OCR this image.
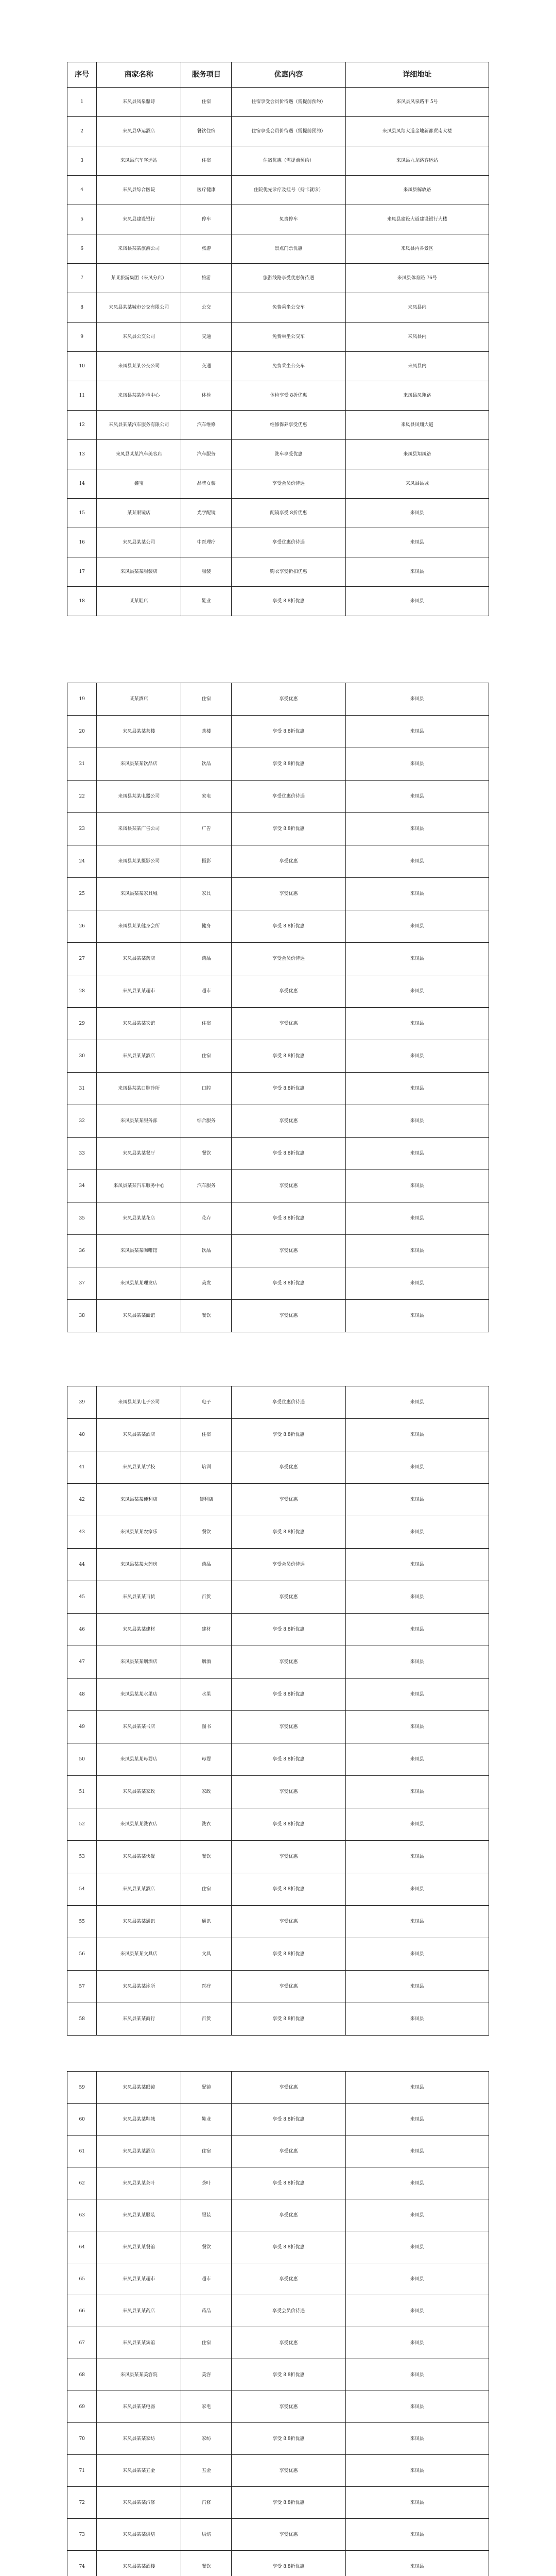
序号	商家名称	服务项目	优惠内容	详细地址
1	来凤县凤泉鼎诗	住宿	住宿享受会员价待遇（需提前预约）	来凤县凤泉路甲 5号
2	来凤县华运酒店	餐饮住宿	住宿享受会员价待遇（需提前预约）	来凤县凤翔大道金地新都贸南大楼
3	来凤县汽车客运站	住宿	住宿优惠（需提前预约）	来凤县九龙路客运站
4	来凤县综合医院	医疗健康	住院优先诊疗及挂号（持卡就诊）	来凤县解放路
5	来凤县建设银行	停车	免费停车	来凤县建设大道建设银行大楼
6	来凤县某某旅游公司	旅游	景点门票优惠	来凤县内各景区
7	某某旅游集团（来凤分店）	旅游	旅游线路享受优惠价待遇	来凤县体育路 76号
8	来凤县某某城市公交有限公司	公交	免费乘坐公交车	来凤县内
9	来凤县公交公司	交通	免费乘坐公交车	来凤县内
10	来凤县某某公交公司	交通	免费乘坐公交车	来凤县内
11	来凤县某某体检中心	体检	体检享受 8折优惠	来凤县凤翔路
12	来凤县某某汽车服务有限公司	汽车维修	维修保养享受优惠	来凤县凤翔大道
13	来凤县某某汽车美容店	汽车服务	洗车享受优惠	来凤县翔凤路
14	鑫宝	品牌女装	享受会员价待遇	来凤县县城
15	某某眼镜店	光学配镜	配镜享受 8折优惠	来凤县
16	来凤县某某公司	中医理疗	享受优惠价待遇	来凤县
17	来凤县某某服装店	服装	购衣享受折扣优惠	来凤县
18	某某鞋店	鞋业	享受 8.8折优惠	来凤县
19	某某酒店	住宿	享受优惠	来凤县
20	来凤县某某茶楼	茶楼	享受 8.8折优惠	来凤县
21	来凤县某某饮品店	饮品	享受 8.8折优惠	来凤县
22	来凤县某某电器公司	家电	享受优惠价待遇	来凤县
23	来凤县某某广告公司	广告	享受 8.8折优惠	来凤县
24	来凤县某某摄影公司	摄影	享受优惠	来凤县
25	来凤县某某家具城	家具	享受优惠	来凤县
26	来凤县某某健身会所	健身	享受 8.8折优惠	来凤县
27	来凤县某某药店	药品	享受会员价待遇	来凤县
28	来凤县某某超市	超市	享受优惠	来凤县
29	来凤县某某宾馆	住宿	享受优惠	来凤县
30	来凤县某某酒店	住宿	享受 8.8折优惠	来凤县
31	来凤县某某口腔诊所	口腔	享受 8.8折优惠	来凤县
32	来凤县某某服务部	综合服务	享受优惠	来凤县
33	来凤县某某餐厅	餐饮	享受 8.8折优惠	来凤县
34	来凤县某某汽车服务中心	汽车服务	享受优惠	来凤县
35	来凤县某某花店	花卉	享受 8.8折优惠	来凤县
36	来凤县某某咖啡馆	饮品	享受优惠	来凤县
37	来凤县某某理发店	美发	享受 8.8折优惠	来凤县
38	来凤县某某面馆	餐饮	享受优惠	来凤县
39	来凤县某某电子公司	电子	享受优惠价待遇	来凤县
40	来凤县某某酒店	住宿	享受 8.8折优惠	来凤县
41	来凤县某某学校	培训	享受优惠	来凤县
42	来凤县某某便利店	便利店	享受优惠	来凤县
43	来凤县某某农家乐	餐饮	享受 8.8折优惠	来凤县
44	来凤县某某大药房	药品	享受会员价待遇	来凤县
45	来凤县某某百货	百货	享受优惠	来凤县
46	来凤县某某建材	建材	享受 8.8折优惠	来凤县
47	来凤县某某烟酒店	烟酒	享受优惠	来凤县
48	来凤县某某水果店	水果	享受 8.8折优惠	来凤县
49	来凤县某某书店	图书	享受优惠	来凤县
50	来凤县某某母婴店	母婴	享受 8.8折优惠	来凤县
51	来凤县某某家政	家政	享受优惠	来凤县
52	来凤县某某洗衣店	洗衣	享受 8.8折优惠	来凤县
53	来凤县某某快餐	餐饮	享受优惠	来凤县
54	来凤县某某酒店	住宿	享受 8.8折优惠	来凤县
55	来凤县某某通讯	通讯	享受优惠	来凤县
56	来凤县某某文具店	文具	享受 8.8折优惠	来凤县
57	来凤县某某诊所	医疗	享受优惠	来凤县
58	来凤县某某商行	百货	享受 8.8折优惠	来凤县
59	来凤县某某眼镜	配镜	享受优惠	来凤县
60	来凤县某某鞋城	鞋业	享受 8.8折优惠	来凤县
61	来凤县某某酒店	住宿	享受优惠	来凤县
62	来凤县某某茶叶	茶叶	享受 8.8折优惠	来凤县
63	来凤县某某服装	服装	享受优惠	来凤县
64	来凤县某某餐馆	餐饮	享受 8.8折优惠	来凤县
65	来凤县某某超市	超市	享受优惠	来凤县
66	来凤县某某药店	药品	享受会员价待遇	来凤县
67	来凤县某某宾馆	住宿	享受优惠	来凤县
68	来凤县某某美容院	美容	享受 8.8折优惠	来凤县
69	来凤县某某电器	家电	享受优惠	来凤县
70	来凤县某某家纺	家纺	享受 8.8折优惠	来凤县
71	来凤县某某五金	五金	享受优惠	来凤县
72	来凤县某某汽修	汽修	享受 8.8折优惠	来凤县
73	来凤县某某烘焙	烘焙	享受优惠	来凤县
74	来凤县某某酒楼	餐饮	享受 8.8折优惠	来凤县
